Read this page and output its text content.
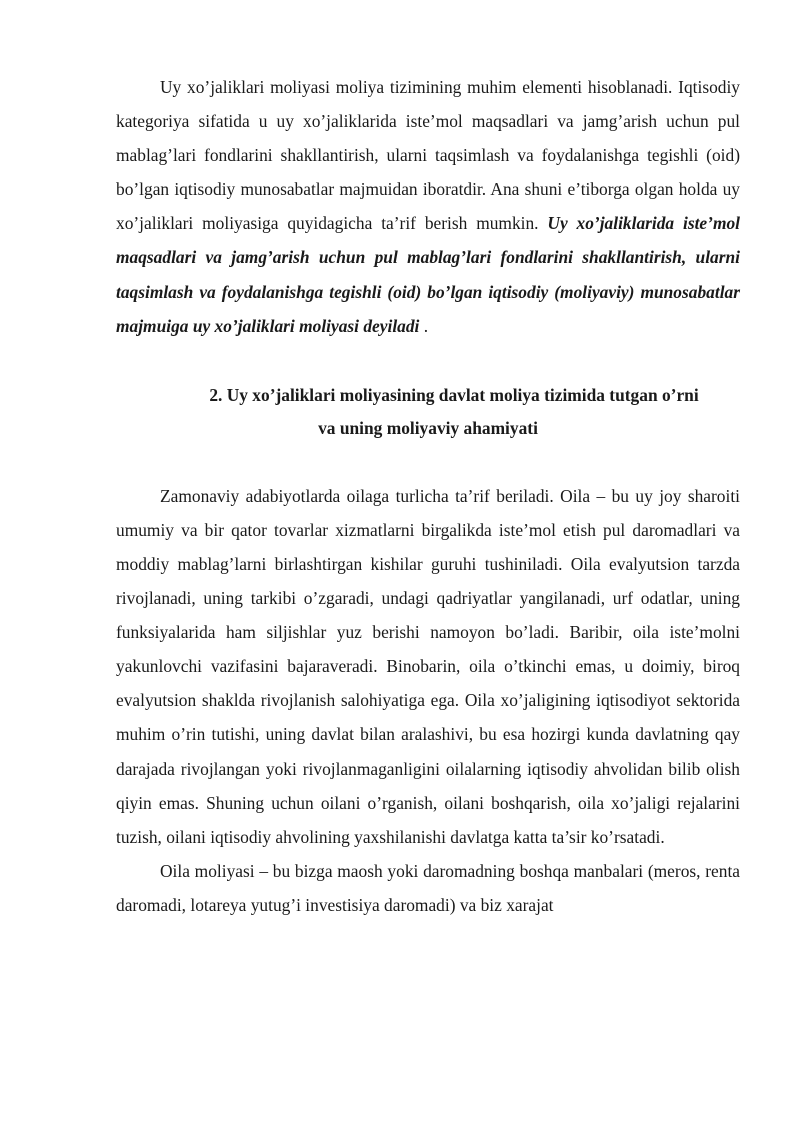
Uy xo’jaliklari moliyasi moliya tizimining muhim elementi hisoblanadi. Iqtisodiy kategoriya sifatida u uy xo’jaliklarida iste’mol maqsadlari va jamg’arish uchun pul mablag’lari fondlarini shakllantirish, ularni taqsimlash va foydalanishga tegishli (oid) bo’lgan iqtisodiy munosabatlar majmuidan iboratdir. Ana shuni e’tiborga olgan holda uy xo’jaliklari moliyasiga quyidagicha ta’rif berish mumkin. Uy xo’jaliklarida iste’mol maqsadlari va jamg’arish uchun pul mablag’lari fondlarini shakllantirish, ularni taqsimlash va foydalanishga tegishli (oid) bo’lgan iqtisodiy (moliyaviy) munosabatlar majmuiga uy xo’jaliklari moliyasi deyiladi .

2. Uy xo’jaliklari moliyasining davlat moliya tizimida tutgan o’rni
va uning moliyaviy ahamiyati

Zamonaviy adabiyotlarda oilaga turlicha ta’rif beriladi. Oila – bu uy joy sharoiti umumiy va bir qator tovarlar xizmatlarni birgalikda iste’mol etish pul daromadlari va moddiy mablag’larni birlashtirgan kishilar guruhi tushiniladi. Oila evalyutsion tarzda rivojlanadi, uning tarkibi o’zgaradi, undagi qadriyatlar yangilanadi, urf odatlar, uning funksiyalarida ham siljishlar yuz berishi namoyon bo’ladi. Baribir, oila iste’molni yakunlovchi vazifasini bajaraveradi. Binobarin, oila o’tkinchi emas, u doimiy, biroq evalyutsion shaklda rivojlanish salohiyatiga ega. Oila xo’jaligining iqtisodiyot sektorida muhim o’rin tutishi, uning davlat bilan aralashivi, bu esa hozirgi kunda davlatning qay darajada rivojlangan yoki rivojlanmaganligini oilalarning iqtisodiy ahvolidan bilib olish qiyin emas. Shuning uchun oilani o’rganish, oilani boshqarish, oila xo’jaligi rejalarini tuzish, oilani iqtisodiy ahvolining yaxshilanishi davlatga katta ta’sir ko’rsatadi.

Oila moliyasi – bu bizga maosh yoki daromadning boshqa manbalari (meros, renta daromadi, lotareya yutug’i investisiya daromadi) va biz xarajat
